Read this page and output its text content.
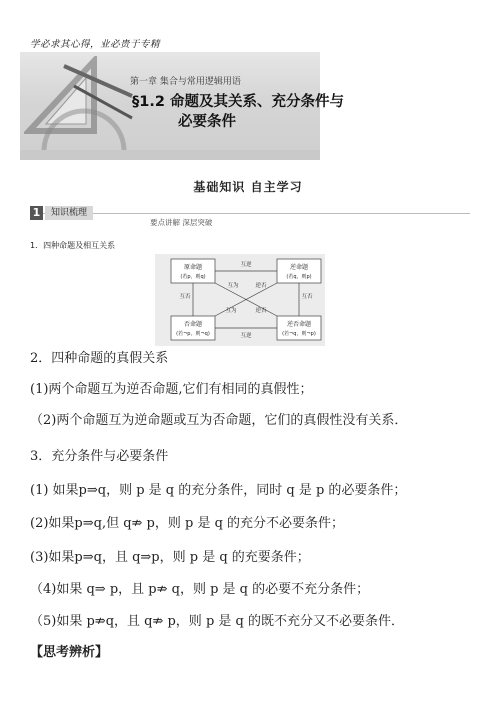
学必求其心得，业必贵于专精
第一章 集合与常用逻辑用语
§1.2 命题及其关系、充分条件与
必要条件
基础知识 自主学习
1	知识梳理
要点讲解 深层突破
1．四种命题及相互关系
原命题
(若p，则q)
逆命题
(若q，则p)
否命题
(若¬p，则¬q)
逆否命题
(若¬q，则¬p)
互逆
互逆
互否	互否
互为	逆否
互为	逆否
2．四种命题的真假关系
(1)两个命题互为逆否命题,它们有相同的真假性；
（2)两个命题互为逆命题或互为否命题，它们的真假性没有关系．
3．充分条件与必要条件
(1) 如果p⇒q，则 p 是 q 的充分条件，同时 q 是 p 的必要条件；
(2)如果p⇒q,但 q⇏ p，则 p 是 q 的充分不必要条件；
(3)如果p⇒q，且 q⇒p，则 p 是 q 的充要条件；
（4)如果 q⇒ p，且 p⇏ q，则 p 是 q 的必要不充分条件；
（5)如果 p⇏q，且 q⇏ p，则 p 是 q 的既不充分又不必要条件．
【思考辨析】
